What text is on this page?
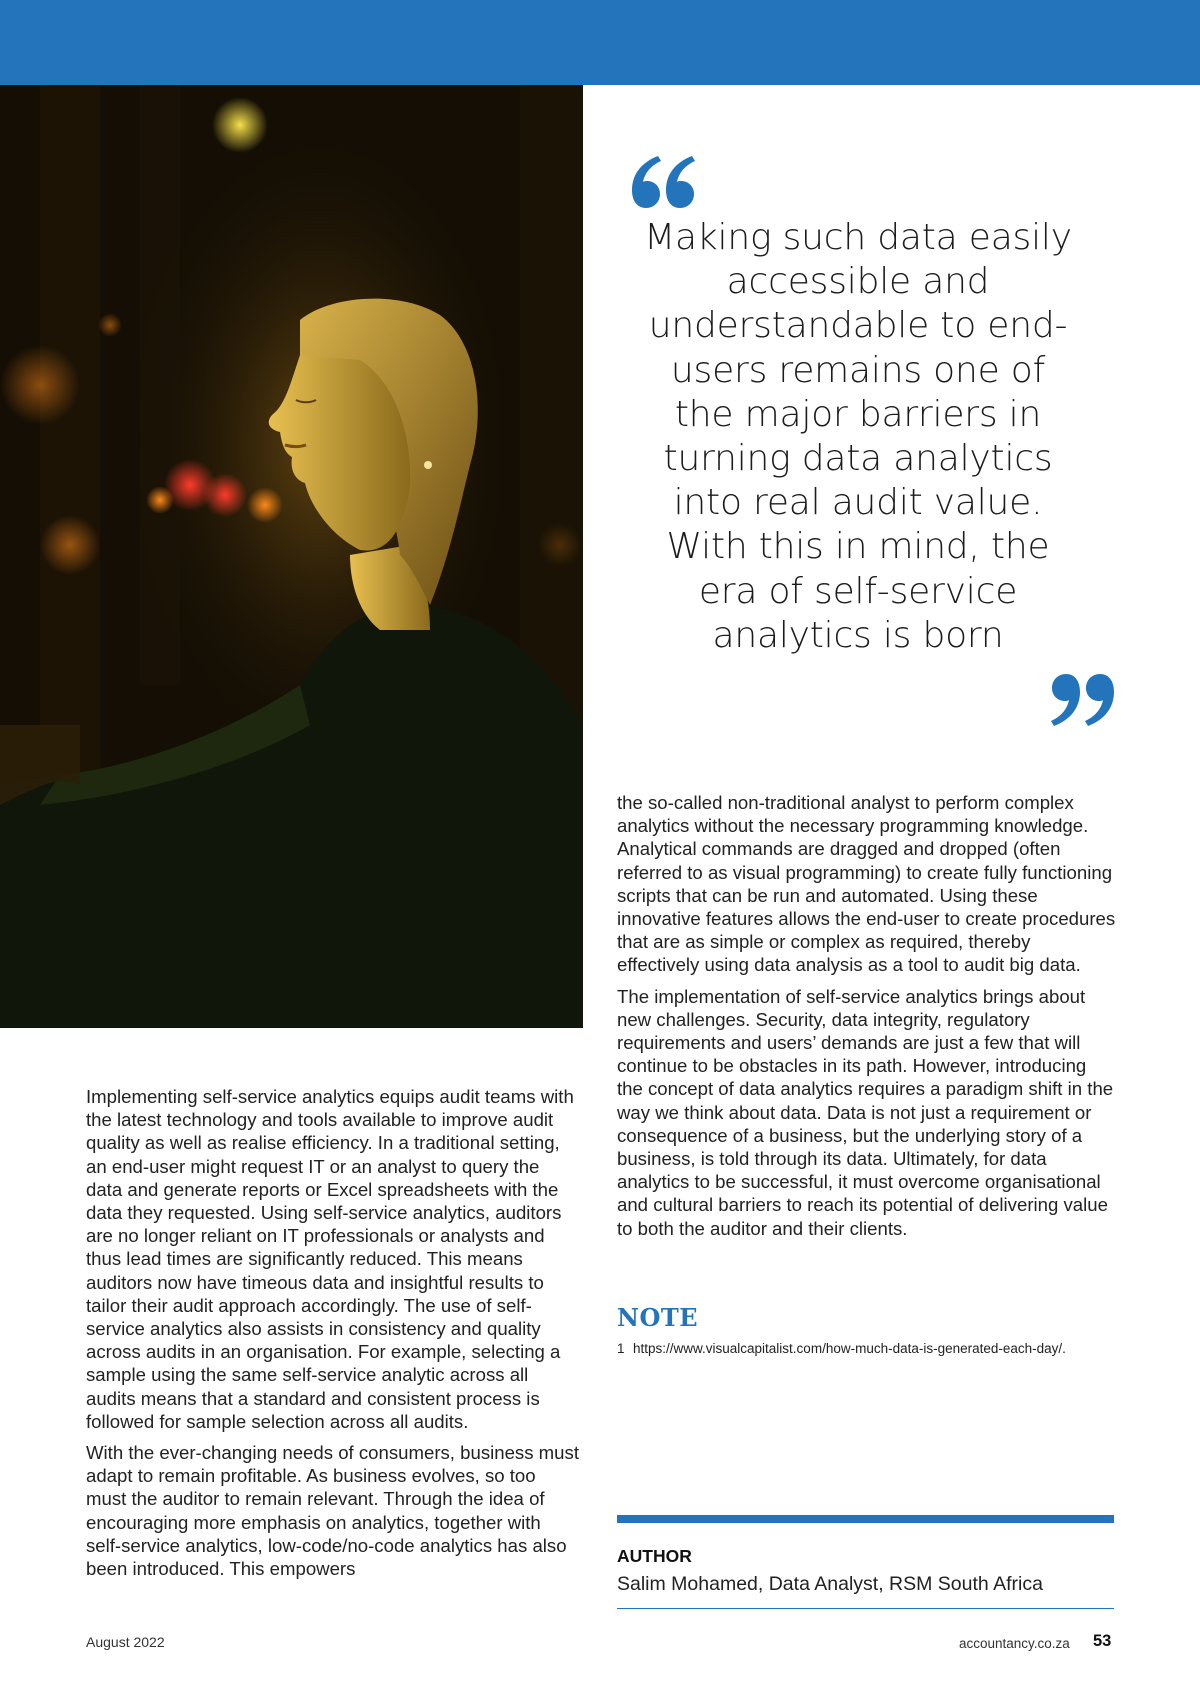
Making such data easily accessible and understandable to end-users remains one of the major barriers in turning data analytics into real audit value. With this in mind, the era of self-service analytics is born

Implementing self-service analytics equips audit teams with the latest technology and tools available to improve audit quality as well as realise efficiency. In a traditional setting, an end-user might request IT or an analyst to query the data and generate reports or Excel spreadsheets with the data they requested. Using self-service analytics, auditors are no longer reliant on IT professionals or analysts and thus lead times are significantly reduced. This means auditors now have timeous data and insightful results to tailor their audit approach accordingly. The use of self-service analytics also assists in consistency and quality across audits in an organisation. For example, selecting a sample using the same self-service analytic across all audits means that a standard and consistent process is followed for sample selection across all audits.

With the ever-changing needs of consumers, business must adapt to remain profitable. As business evolves, so too must the auditor to remain relevant. Through the idea of encouraging more emphasis on analytics, together with self-service analytics, low-code/no-code analytics has also been introduced. This empowers

the so-called non-traditional analyst to perform complex analytics without the necessary programming knowledge. Analytical commands are dragged and dropped (often referred to as visual programming) to create fully functioning scripts that can be run and automated. Using these innovative features allows the end-user to create procedures that are as simple or complex as required, thereby effectively using data analysis as a tool to audit big data.

The implementation of self-service analytics brings about new challenges. Security, data integrity, regulatory requirements and users’ demands are just a few that will continue to be obstacles in its path. However, introducing the concept of data analytics requires a paradigm shift in the way we think about data. Data is not just a requirement or consequence of a business, but the underlying story of a business, is told through its data. Ultimately, for data analytics to be successful, it must overcome organisational and cultural barriers to reach its potential of delivering value to both the auditor and their clients.

NOTE
1 https://www.visualcapitalist.com/how-much-data-is-generated-each-day/.
AUTHOR
Salim Mohamed, Data Analyst, RSM South Africa
August 2022	accountancy.co.za 53
